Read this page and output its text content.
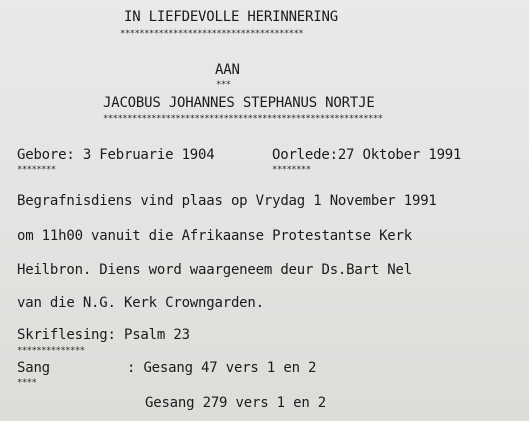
IN LIEFDEVOLLE HERINNERING
**************************************
AAN
***
JACOBUS JOHANNES STEPHANUS NORTJE
**********************************************************
Gebore: 3 Februarie 1904
********
Oorlede:27 Oktober 1991
********
Begrafnisdiens vind plaas op Vrydag 1 November 1991
om 11h00 vanuit die Afrikaanse Protestantse Kerk
Heilbron. Diens word waargeneem deur Ds.Bart Nel
van die N.G. Kerk Crowngarden.
Skriflesing: Psalm 23
**************
Sang
****
: Gesang 47 vers 1 en 2
Gesang 279 vers 1 en 2
